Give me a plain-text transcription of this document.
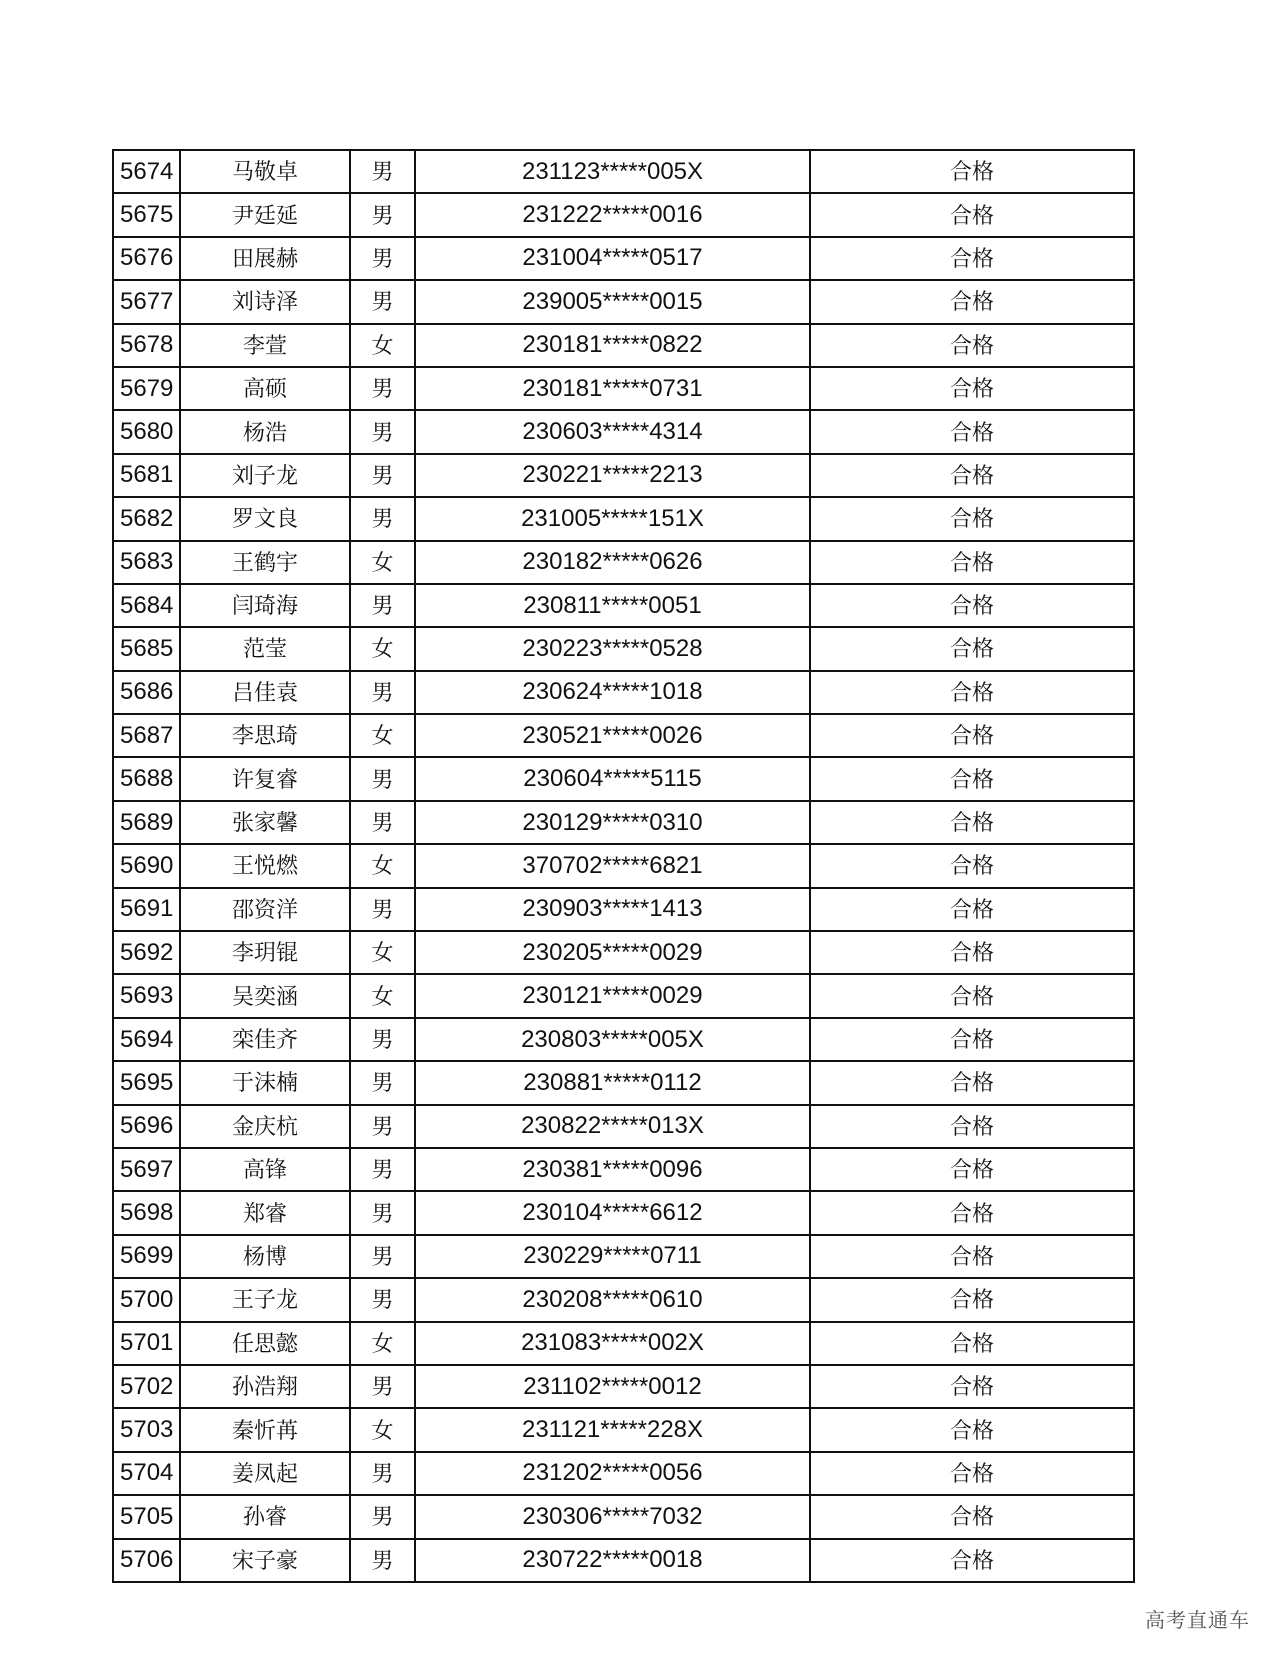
5674	马敬卓	男	231123*****005X	合格
5675	尹廷延	男	231222*****0016	合格
5676	田展赫	男	231004*****0517	合格
5677	刘诗泽	男	239005*****0015	合格
5678	李萱	女	230181*****0822	合格
5679	高硕	男	230181*****0731	合格
5680	杨浩	男	230603*****4314	合格
5681	刘子龙	男	230221*****2213	合格
5682	罗文良	男	231005*****151X	合格
5683	王鹤宇	女	230182*****0626	合格
5684	闫琦海	男	230811*****0051	合格
5685	范莹	女	230223*****0528	合格
5686	吕佳袁	男	230624*****1018	合格
5687	李思琦	女	230521*****0026	合格
5688	许复睿	男	230604*****5115	合格
5689	张家馨	男	230129*****0310	合格
5690	王悦燃	女	370702*****6821	合格
5691	邵资洋	男	230903*****1413	合格
5692	李玥锟	女	230205*****0029	合格
5693	吴奕涵	女	230121*****0029	合格
5694	栾佳齐	男	230803*****005X	合格
5695	于沫楠	男	230881*****0112	合格
5696	金庆杭	男	230822*****013X	合格
5697	高锋	男	230381*****0096	合格
5698	郑睿	男	230104*****6612	合格
5699	杨博	男	230229*****0711	合格
5700	王子龙	男	230208*****0610	合格
5701	任思懿	女	231083*****002X	合格
5702	孙浩翔	男	231102*****0012	合格
5703	秦忻苒	女	231121*****228X	合格
5704	姜凤起	男	231202*****0056	合格
5705	孙睿	男	230306*****7032	合格
5706	宋子豪	男	230722*****0018	合格
高考直通车
